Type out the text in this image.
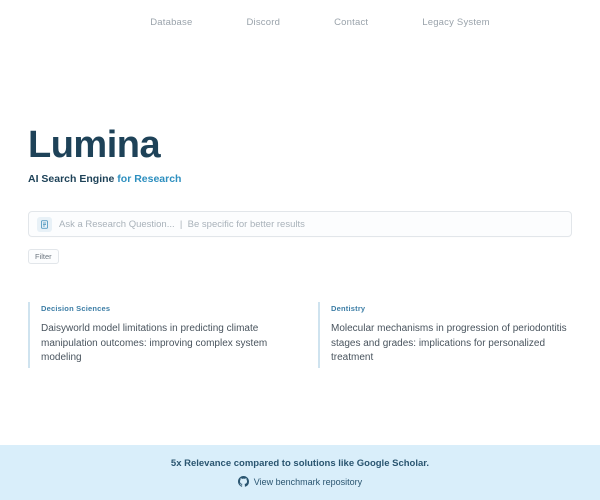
Database	Discord	Contact	Legacy System
Lumina
AI Search Engine for Research
Ask a Research Question... | Be specific for better results
Filter
Decision Sciences
Daisyworld model limitations in predicting climate manipulation outcomes: improving complex system modeling
Dentistry
Molecular mechanisms in progression of periodontitis stages and grades: implications for personalized treatment
5x Relevance compared to solutions like Google Scholar.
View benchmark repository
